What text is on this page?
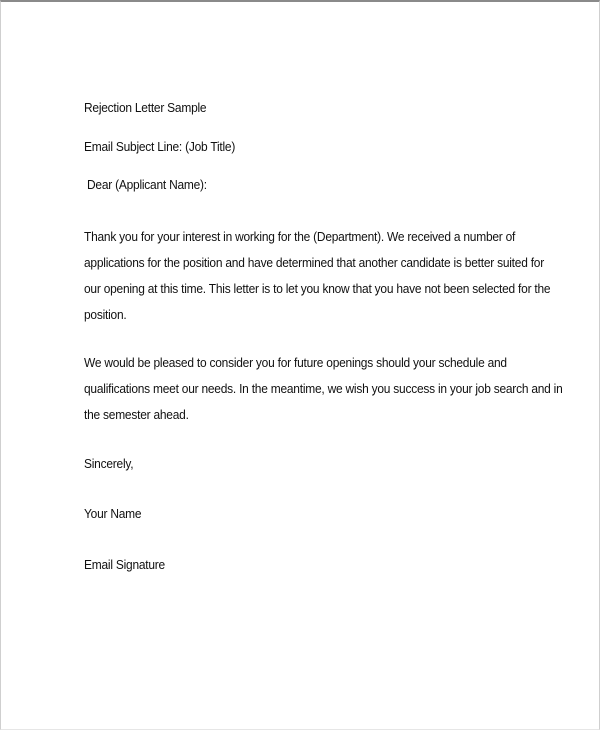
Rejection Letter Sample

Email Subject Line: (Job Title)

Dear (Applicant Name):

Thank you for your interest in working for the (Department). We received a number of
applications for the position and have determined that another candidate is better suited for
our opening at this time. This letter is to let you know that you have not been selected for the
position.
We would be pleased to consider you for future openings should your schedule and
qualifications meet our needs. In the meantime, we wish you success in your job search and in
the semester ahead.

Sincerely,

Your Name

Email Signature
